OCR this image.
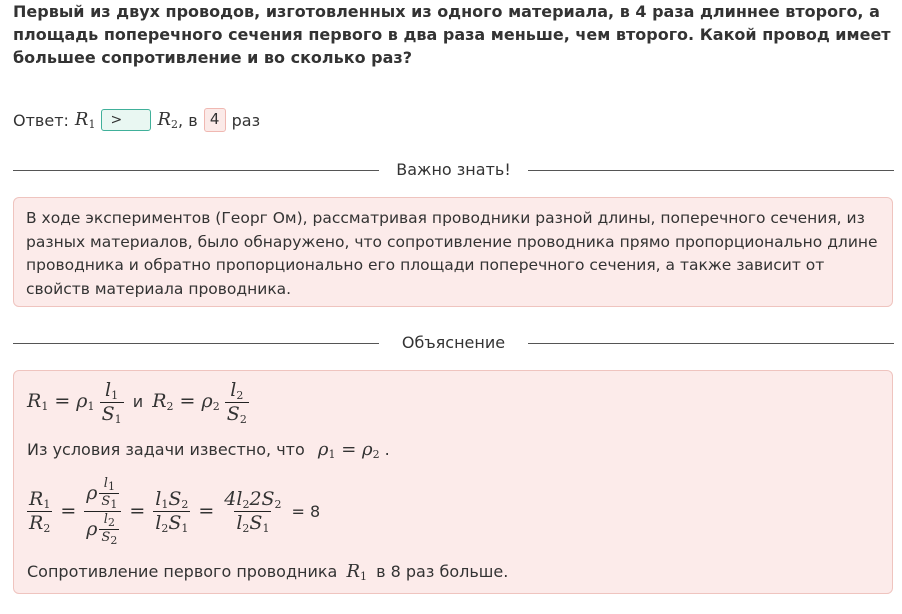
Первый из двух проводов, изготовленных из одного материала, в 4 раза длиннее второго, а площадь поперечного сечения первого в два раза меньше, чем второго. Какой провод имеет большее сопротивление и во сколько раз?
Ответ: $R_1$	>	$R_2$ , в 4 раз
Важно знать!
В ходе экспериментов (Георг Ом), рассматривая проводники разной длины, поперечного сечения, из разных материалов, было обнаружено, что сопротивление проводника прямо пропорционально длине проводника и обратно пропорционально его площади поперечного сечения, а также зависит от свойств материала проводника.
Объяснение
$R_1 = \rho_1 \frac{l_1}{S_1}$ и $R_2 = \rho_2 \frac{l_2}{S_2}$
Из условия задачи известно, что $\rho_1 = \rho_2$ .
$\frac{R_1}{R_2} = \frac{\rho \frac{l_1}{S_1}}{\rho \frac{l_2}{S_2}} = \frac{l_1S_2}{l_2S_1} = \frac{4l_22S_2}{l_2S_1} = 8$
Сопротивление первого проводника $R_1$ в 8 раз больше.
